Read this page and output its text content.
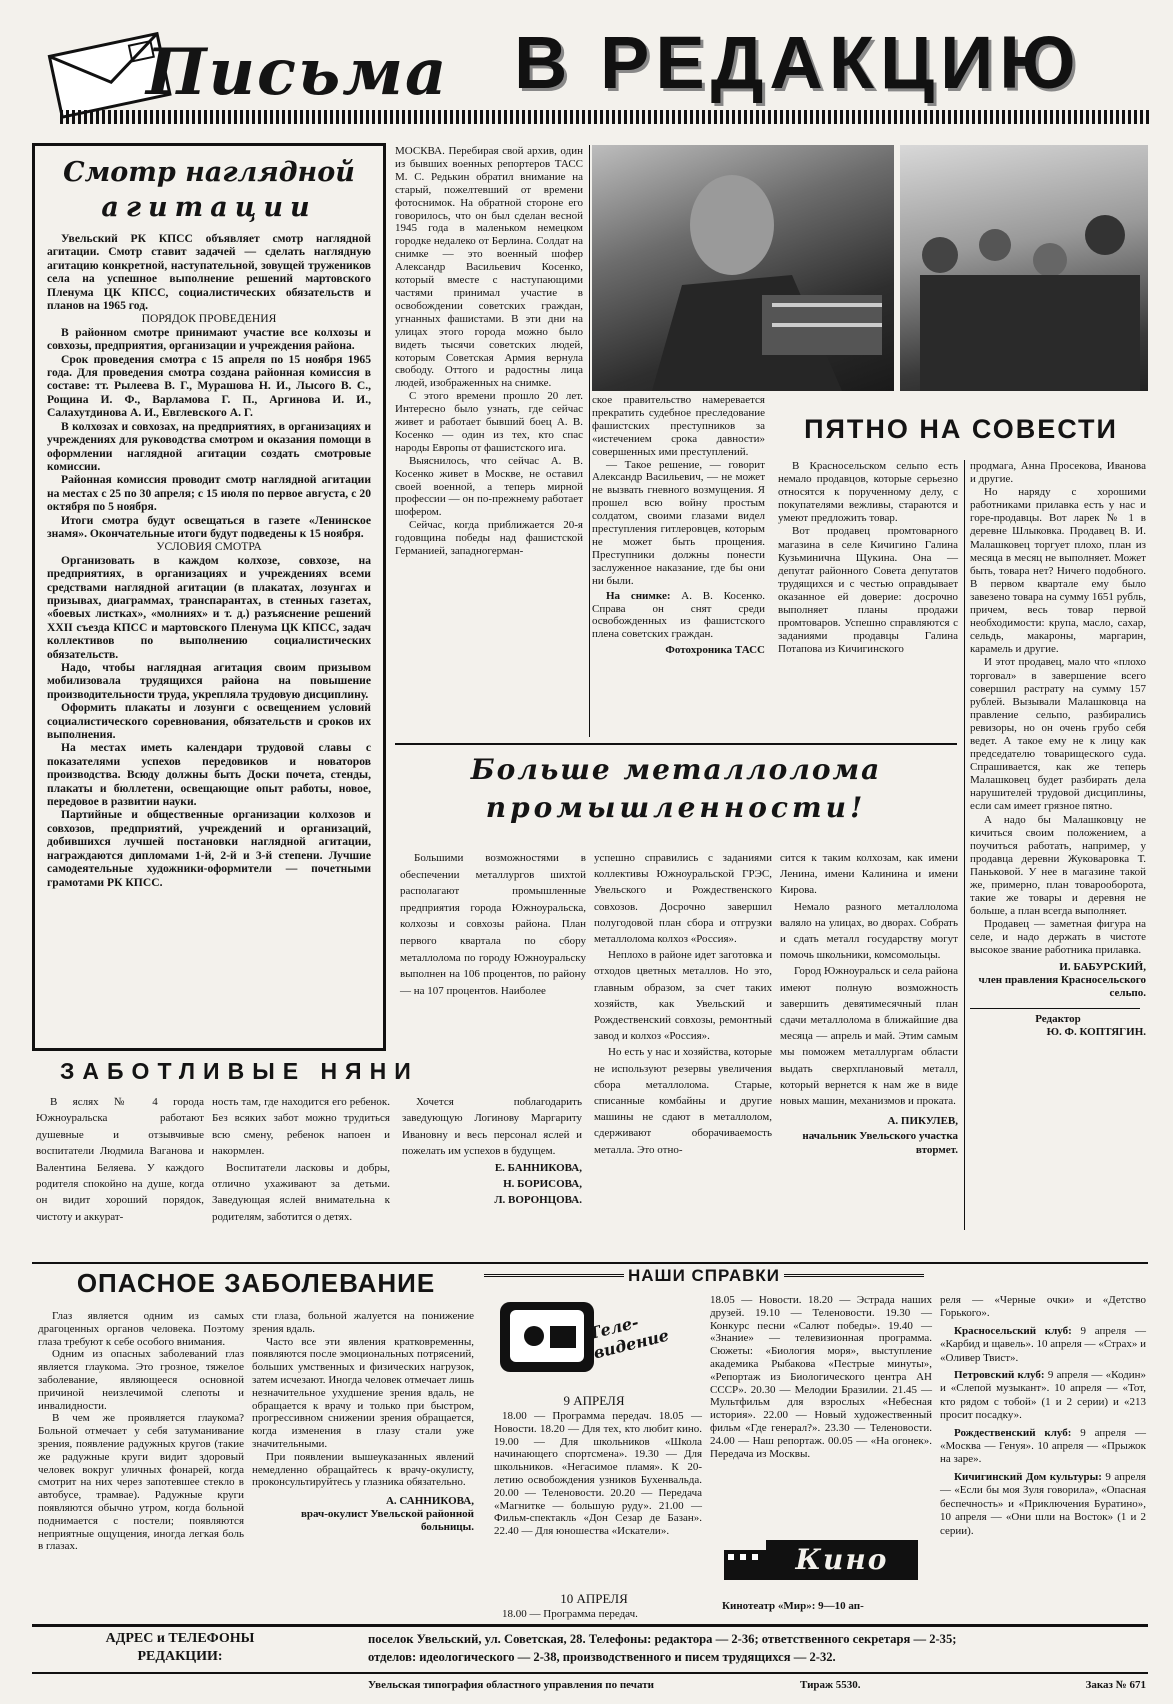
Письма В РЕДАКЦИЮ
Смотр наглядной
агитации

Увельский РК КПСС объявляет смотр наглядной агитации. Смотр ставит задачей — сделать наглядную агитацию конкретной, наступательной, зовущей тружеников села на успешное выполнение решений мартовского Пленума ЦК КПСС, социалистических обязательств и планов на 1965 год.

ПОРЯДОК ПРОВЕДЕНИЯ

В районном смотре принимают участие все колхозы и совхозы, предприятия, организации и учреждения района.

Срок проведения смотра с 15 апреля по 15 ноября 1965 года. Для проведения смотра создана районная комиссия в составе: тт. Рылеева В. Г., Мурашова Н. И., Лысого В. С., Рощина И. Ф., Варламова Г. П., Аргинова И. И., Салахутдинова А. И., Евглевского А. Г.

В колхозах и совхозах, на предприятиях, в организациях и учреждениях для руководства смотром и оказания помощи в оформлении наглядной агитации создать смотровые комиссии.

Районная комиссия проводит смотр наглядной агитации на местах с 25 по 30 апреля; с 15 июля по первое августа, с 20 октября по 5 ноября.

Итоги смотра будут освещаться в газете «Ленинское знамя». Окончательные итоги будут подведены к 15 ноября.

УСЛОВИЯ СМОТРА

Организовать в каждом колхозе, совхозе, на предприятиях, в организациях и учреждениях всеми средствами наглядной агитации (в плакатах, лозунгах и призывах, диаграммах, транспарантах, в стенных газетах, «боевых листках», «молниях» и т. д.) разъяснение решений XXII съезда КПСС и мартовского Пленума ЦК КПСС, задач коллективов по выполнению социалистических обязательств.

Надо, чтобы наглядная агитация своим призывом мобилизовала трудящихся района на повышение производительности труда, укрепляла трудовую дисциплину.

Оформить плакаты и лозунги с освещением условий социалистического соревнования, обязательств и сроков их выполнения.

На местах иметь календари трудовой славы с показателями успехов передовиков и новаторов производства. Всюду должны быть Доски почета, стенды, плакаты и бюллетени, освещающие опыт работы, новое, передовое в развитии науки.

Партийные и общественные организации колхозов и совхозов, предприятий, учреждений и организаций, добившихся лучшей постановки наглядной агитации, награждаются дипломами 1-й, 2-й и 3-й степени. Лучшие самодеятельные художники-оформители — почетными грамотами РК КПСС.

МОСКВА. Перебирая свой архив, один из бывших военных репортеров ТАСС М. С. Редькин обратил внимание на старый, пожелтевший от времени фотоснимок. На обратной стороне его говорилось, что он был сделан весной 1945 года в маленьком немецком городке недалеко от Берлина. Солдат на снимке — это военный шофер Александр Васильевич Косенко, который вместе с наступающими частями принимал участие в освобождении советских граждан, угнанных фашистами. В эти дни на улицах этого города можно было видеть тысячи советских людей, которым Советская Армия вернула свободу. Оттого и радостны лица людей, изображенных на снимке.

С этого времени прошло 20 лет. Интересно было узнать, где сейчас живет и работает бывший боец А. В. Косенко — один из тех, кто спас народы Европы от фашистского ига.

Выяснилось, что сейчас А. В. Косенко живет в Москве, не оставил своей военной, а теперь мирной профессии — он по-прежнему работает шофером.

Сейчас, когда приближается 20-я годовщина победы над фашистской Германией, западногерман-

ское правительство намеревается прекратить судебное преследование фашистских преступников за «истечением срока давности» совершенных ими преступлений.

— Такое решение, — говорит Александр Васильевич, — не может не вызвать гневного возмущения. Я прошел всю войну простым солдатом, своими глазами видел преступления гитлеровцев, которым не может быть прощения. Преступники должны понести заслуженное наказание, где бы они ни были.

На снимке: А. В. Косенко. Справа он снят среди освобожденных из фашистского плена советских граждан.

Фотохроника ТАСС
ПЯТНО НА СОВЕСТИ

В Красносельском сельпо есть немало продавцов, которые серьезно относятся к порученному делу, с покупателями вежливы, стараются и умеют предложить товар.

Вот продавец промтоварного магазина в селе Кичигино Галина Кузьминична Щукина. Она — депутат районного Совета депутатов трудящихся и с честью оправдывает оказанное ей доверие: досрочно выполняет планы продажи промтоваров. Успешно справляются с заданиями продавцы Галина Потапова из Кичигинского

продмага, Анна Просекова, Иванова и другие.

Но наряду с хорошими работниками прилавка есть у нас и горе-продавцы. Вот ларек № 1 в деревне Шлыковка. Продавец В. И. Малашковец торгует плохо, план из месяца в месяц не выполняет. Может быть, товара нет? Ничего подобного. В первом квартале ему было завезено товара на сумму 1651 рубль, причем, весь товар первой необходимости: крупа, масло, сахар, сельдь, макароны, маргарин, карамель и другие.

И этот продавец, мало что «плохо торговал» в завершение всего совершил растрату на сумму 157 рублей. Вызывали Малашковца на правление сельпо, разбирались ревизоры, но он очень грубо себя ведет. А такое ему не к лицу как председателю товарищеского суда. Спрашивается, как же теперь Малашковец будет разбирать дела нарушителей трудовой дисциплины, если сам имеет грязное пятно.

А надо бы Малашковцу не кичиться своим положением, а поучиться работать, например, у продавца деревни Жуковаровка Т. Паньковой. У нее в магазине такой же, примерно, план товарооборота, такие же товары и деревня не больше, а план всегда выполняет.

Продавец — заметная фигура на селе, и надо держать в чистоте высокое звание работника прилавка.

И. БАБУРСКИЙ,
член правления Красносельского сельпо.
Редактор
Ю. Ф. КОПТЯГИН.
Больше металлолома
промышленности!

Большими возможностями в обеспечении металлургов шихтой располагают промышленные предприятия города Южноуральска, колхозы и совхозы района. План первого квартала по сбору металлолома по городу Южноуральску выполнен на 106 процентов, по району — на 107 процентов. Наиболее

успешно справились с заданиями коллективы Южноуральской ГРЭС, Увельского и Рождественского совхозов. Досрочно завершил полугодовой план сбора и отгрузки металлолома колхоз «Россия».

Неплохо в районе идет заготовка и отходов цветных металлов. Но это, главным образом, за счет таких хозяйств, как Увельский и Рождественский совхозы, ремонтный завод и колхоз «Россия».

Но есть у нас и хозяйства, которые не используют резервы увеличения сбора металлолома. Старые, списанные комбайны и другие машины не сдают в металлолом, сдерживают оборачиваемость металла. Это отно-

сится к таким колхозам, как имени Ленина, имени Калинина и имени Кирова.

Немало разного металлолома валяло на улицах, во дворах. Собрать и сдать металл государству могут помочь школьники, комсомольцы.

Город Южноуральск и села района имеют полную возможность завершить девятимесячный план сдачи металлолома в ближайшие два месяца — апрель и май. Этим самым мы поможем металлургам области выдать сверхплановый металл, который вернется к нам же в виде новых машин, механизмов и проката.

А. ПИКУЛЕВ,
начальник Увельского участка втормет.
ЗАБОТЛИВЫЕ НЯНИ

В яслях № 4 города Южноуральска работают душевные и отзывчивые воспитатели Людмила Ваганова и Валентина Беляева. У каждого родителя спокойно на душе, когда он видит хороший порядок, чистоту и аккурат-

ность там, где находится его ребенок. Без всяких забот можно трудиться всю смену, ребенок напоен и накормлен.

Воспитатели ласковы и добры, отлично ухаживают за детьми. Заведующая яслей внимательна к родителям, заботится о детях.

Хочется поблагодарить заведующую Логинову Маргариту Ивановну и весь персонал яслей и пожелать им успехов в будущем.

Е. БАННИКОВА,
Н. БОРИСОВА,
Л. ВОРОНЦОВА.
ОПАСНОЕ ЗАБОЛЕВАНИЕ

Глаз является одним из самых драгоценных органов человека. Поэтому глаза требуют к себе особого внимания.

Одним из опасных заболеваний глаз является глаукома. Это грозное, тяжелое заболевание, являющееся основной причиной неизлечимой слепоты и инвалидности.

В чем же проявляется глаукома? Больной отмечает у себя затуманивание зрения, появление радужных кругов (такие же радужные круги видит здоровый человек вокруг уличных фонарей, когда смотрит на них через запотевшее стекло в автобусе, трамвае). Радужные круги появляются обычно утром, когда больной поднимается с постели; появляются неприятные ощущения, иногда легкая боль в глазах.

сти глаза, больной жалуется на понижение зрения вдаль.

Часто все эти явления кратковременны, появляются после эмоциональных потрясений, больших умственных и физических нагрузок, затем исчезают. Иногда человек отмечает лишь незначительное ухудшение зрения вдаль, не обращается к врачу и только при быстром, прогрессивном снижении зрения обращается, когда изменения в глазу стали уже значительными.

При появлении вышеуказанных явлений немедленно обращайтесь к врачу-окулисту, проконсультируйтесь у глазника обязательно.

А. САННИКОВА,
врач-окулист Увельской районной больницы.
НАШИ СПРАВКИ
Теле-видение
9 АПРЕЛЯ
18.00 — Программа передач. 18.05 — Новости. 18.20 — Для тех, кто любит кино. 19.00 — Для школьников «Школа начинающего спортсмена». 19.30 — Для школьников. «Негасимое пламя». К 20-летию освобождения узников Бухенвальда. 20.00 — Теленовости. 20.20 — Передача «Магнитке — большую руду». 21.00 — Фильм-спектакль «Дон Сезар де Базан». 22.40 — Для юношества «Искатели».
10 АПРЕЛЯ
18.00 — Программа передач.
18.05 — Новости. 18.20 — Эстрада наших друзей. 19.10 — Теленовости. 19.30 — Конкурс песни «Салют победы». 19.40 — «Знание» — телевизионная программа. Сюжеты: «Биология моря», выступление академика Рыбакова «Пестрые минуты», «Репортаж из Биологического центра АН СССР». 20.30 — Мелодии Бразилии. 21.45 — Мультфильм для взрослых «Небесная история». 22.00 — Новый художественный фильм «Где генерал?». 23.30 — Теленовости. 24.00 — Наш репортаж. 00.05 — «На огонек». Передача из Москвы.
Кино
Кинотеатр «Мир»: 9—10 ап-

реля — «Черные очки» и «Детство Горького».

Красносельский клуб: 9 апреля — «Карбид и щавель». 10 апреля — «Страх» и «Оливер Твист».

Петровский клуб: 9 апреля — «Кодин» и «Слепой музыкант». 10 апреля — «Тот, кто рядом с тобой» (1 и 2 серии) и «213 просит посадку».

Рождественский клуб: 9 апреля — «Москва — Генуя». 10 апреля — «Прыжок на заре».

Кичигинский Дом культуры: 9 апреля — «Если бы моя Зуля говорила», «Опасная беспечность» и «Приключения Буратино», 10 апреля — «Они шли на Восток» (1 и 2 серии).

АДРЕС и ТЕЛЕФОНЫ
РЕДАКЦИИ:
поселок Увельский, ул. Советская, 28. Телефоны: редактора — 2-36; ответственного секретаря — 2-35;
отделов: идеологического — 2-38, производственного и писем трудящихся — 2-32.
Увельская типография областного управления по печати	Тираж 5530.	Заказ № 671
